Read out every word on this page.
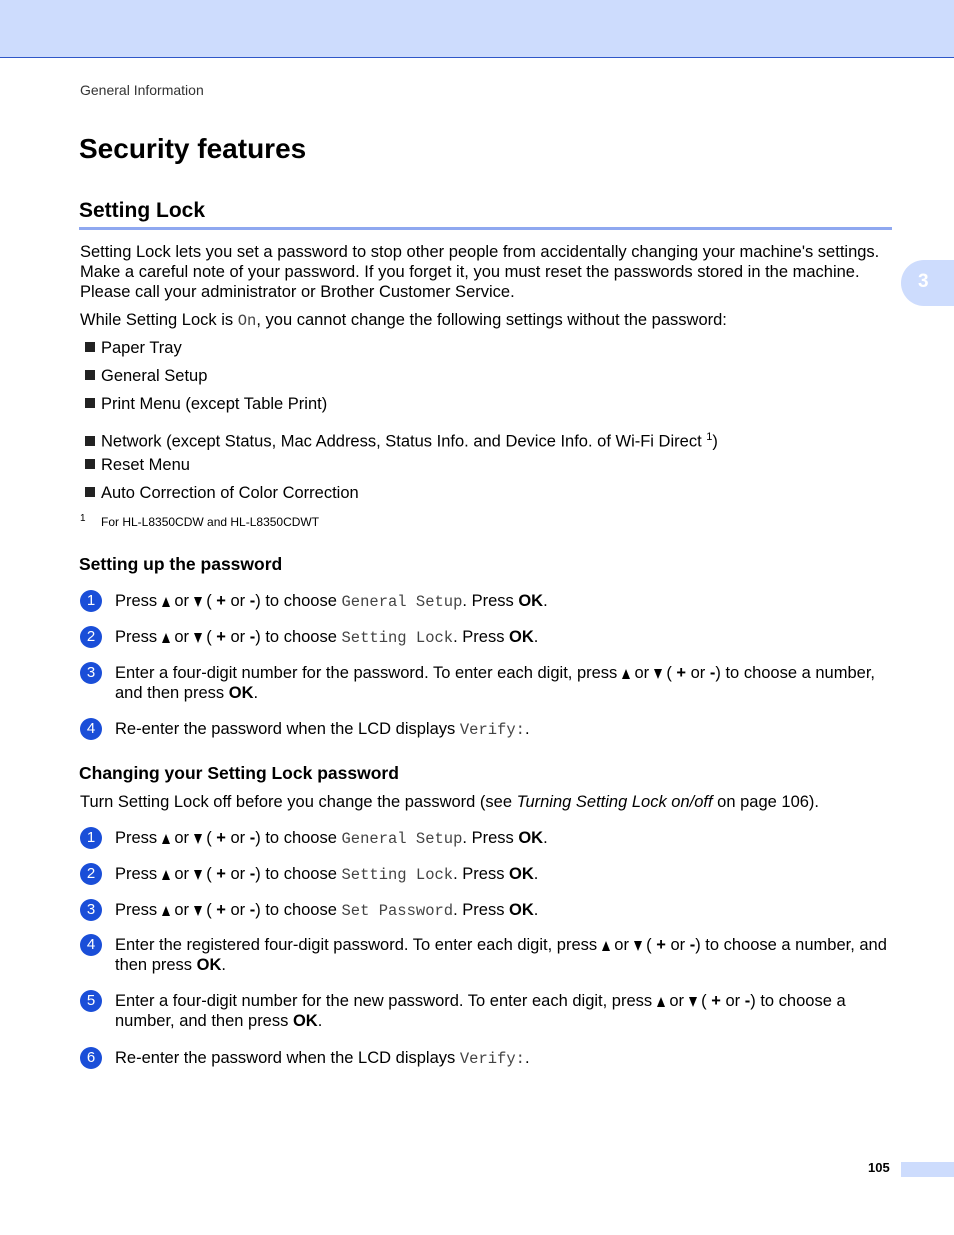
General Information
3
Security features
Setting Lock

Setting Lock lets you set a password to stop other people from accidentally changing your machine's settings. Make a careful note of your password. If you forget it, you must reset the passwords stored in the machine. Please call your administrator or Brother Customer Service.

While Setting Lock is On, you cannot change the following settings without the password:

Paper Tray
General Setup
Print Menu (except Table Print)
Network (except Status, Mac Address, Status Info. and Device Info. of Wi-Fi Direct $^1$)
Reset Menu
Auto Correction of Color Correction
1 For HL-L8350CDW and HL-L8350CDWT
Setting up the password
1	Press  or  ( + or -) to choose General Setup. Press OK.
2	Press  or  ( + or -) to choose Setting Lock. Press OK.
3	Enter a four-digit number for the password. To enter each digit, press  or  ( + or -) to choose a number, and then press OK.
4	Re-enter the password when the LCD displays Verify:.
Changing your Setting Lock password

Turn Setting Lock off before you change the password (see Turning Setting Lock on/off on page 106).

1	Press  or  ( + or -) to choose General Setup. Press OK.
2	Press  or  ( + or -) to choose Setting Lock. Press OK.
3	Press  or  ( + or -) to choose Set Password. Press OK.
4	Enter the registered four-digit password. To enter each digit, press  or  ( + or -) to choose a number, and then press OK.
5	Enter a four-digit number for the new password. To enter each digit, press  or  ( + or -) to choose a number, and then press OK.
6	Re-enter the password when the LCD displays Verify:.
105
